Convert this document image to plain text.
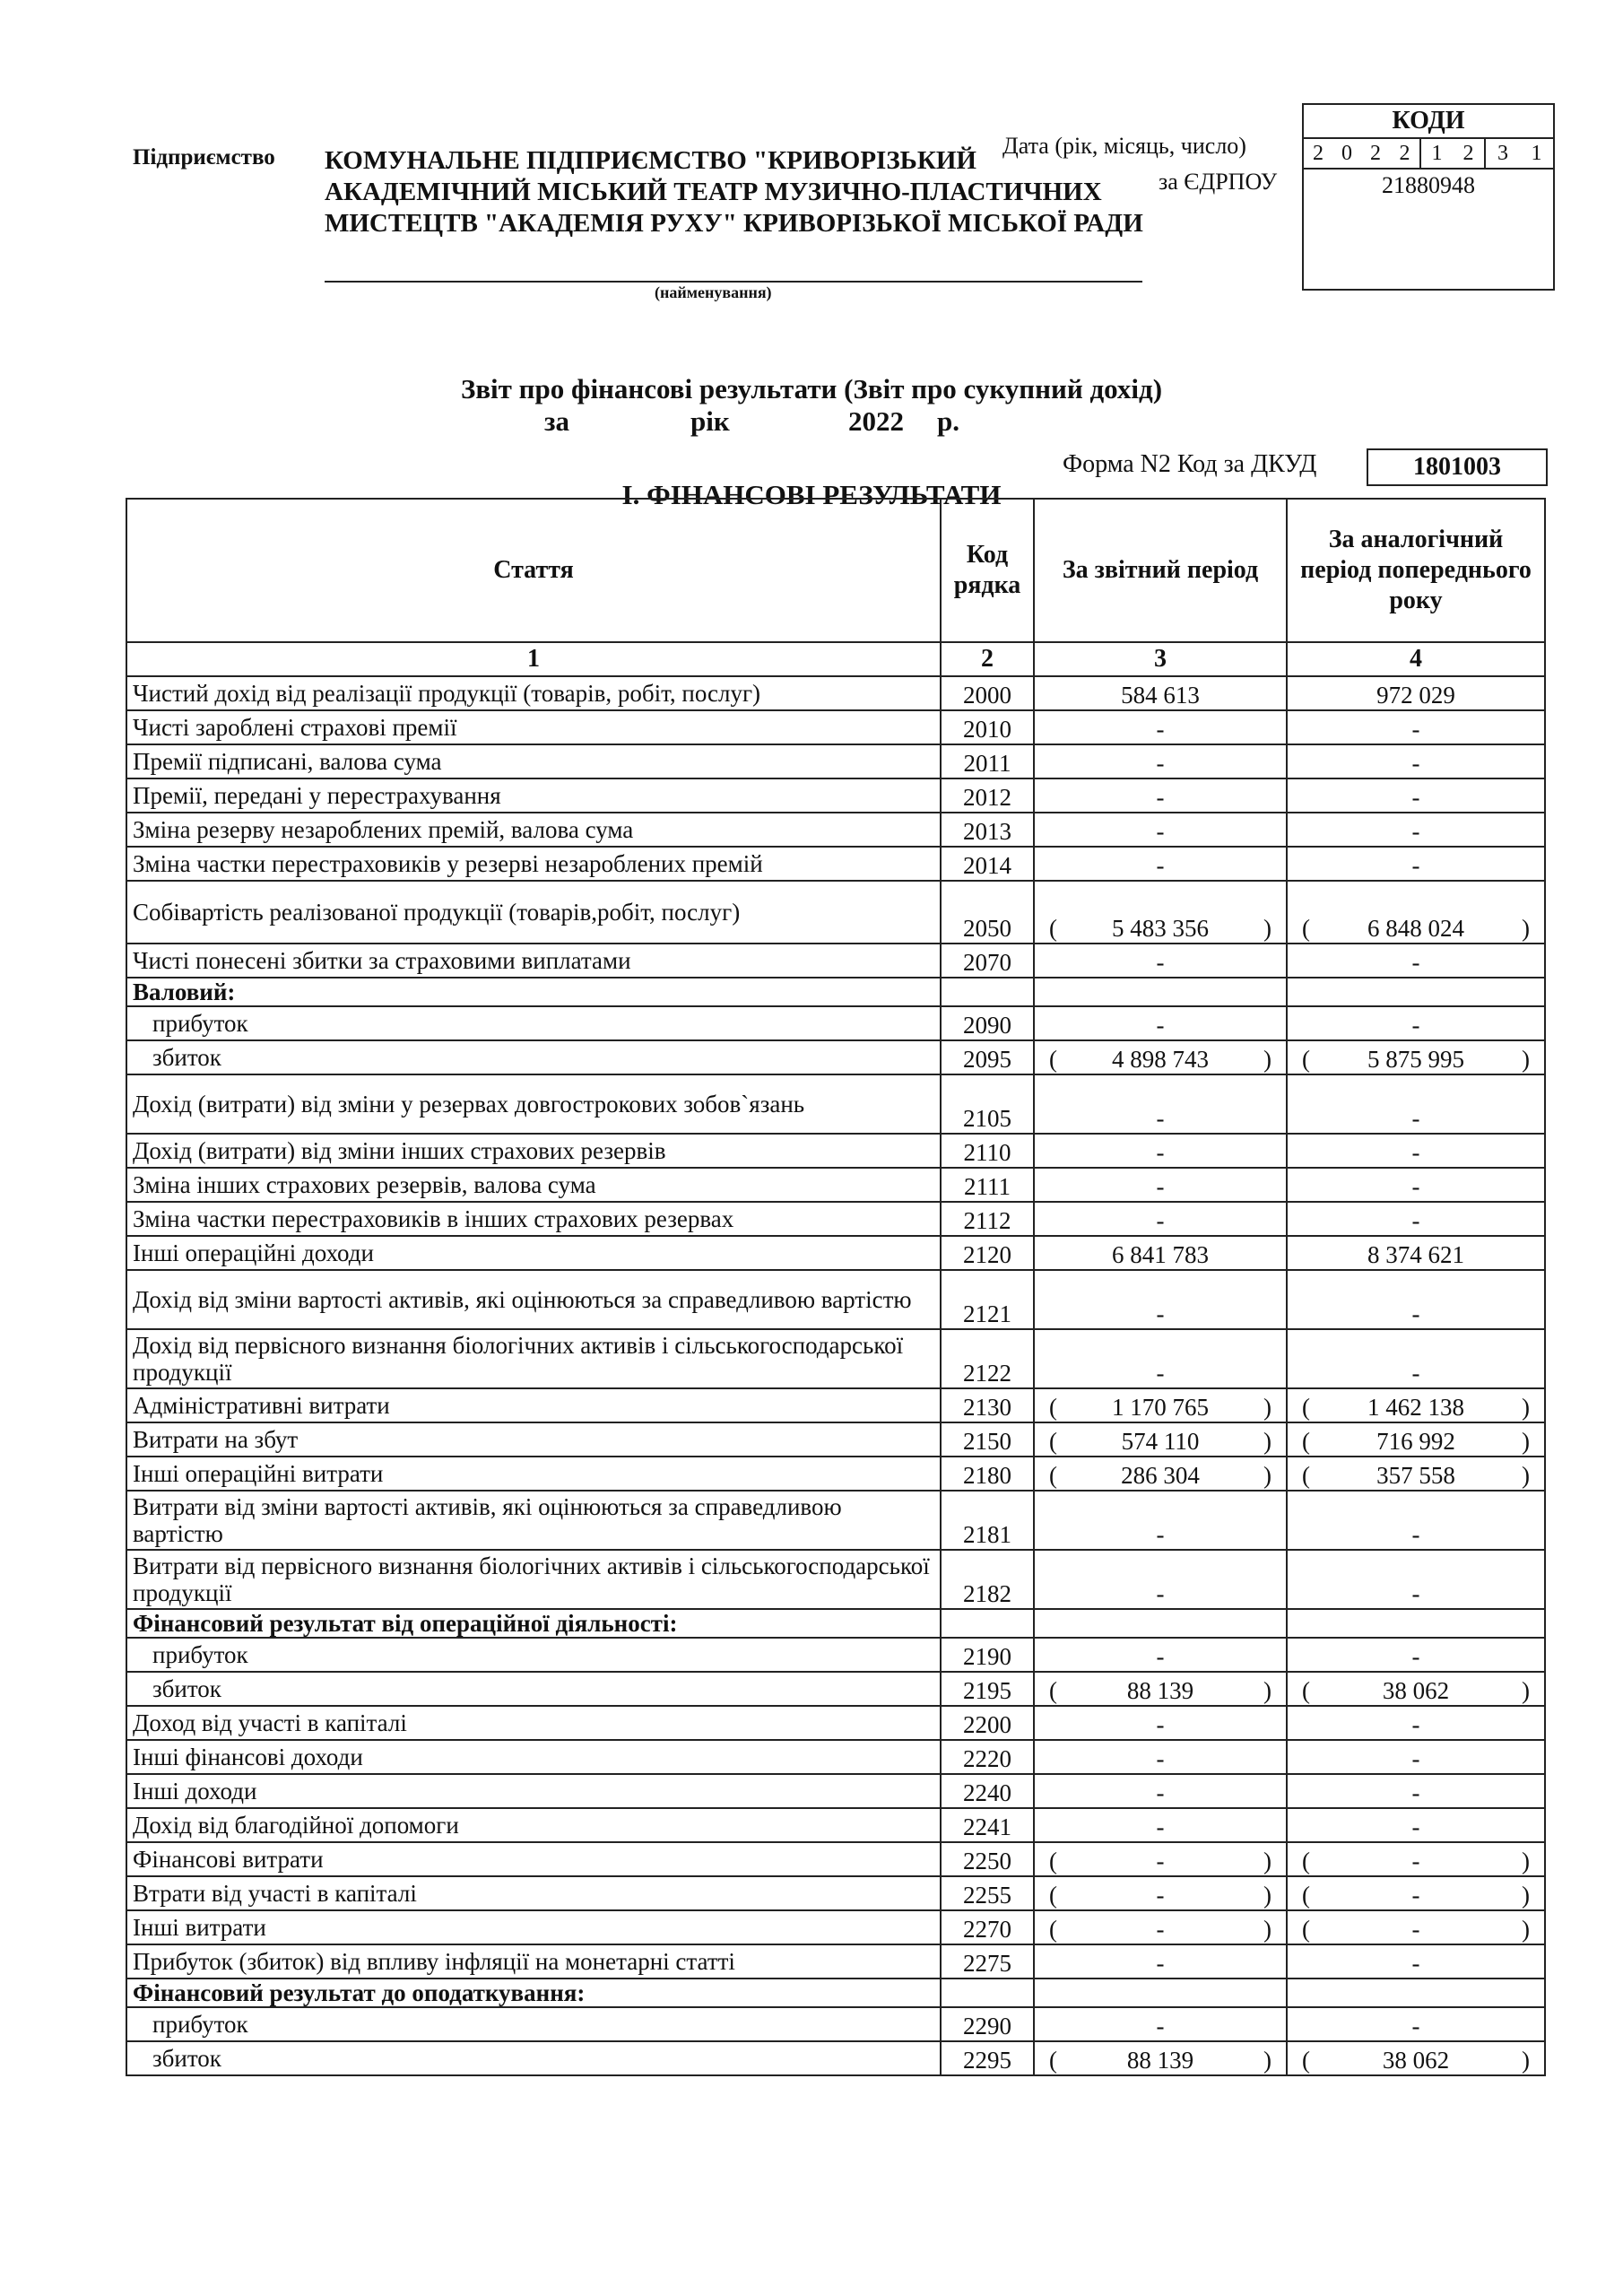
Підприємство КОМУНАЛЬНЕ ПІДПРИЄМСТВО "КРИВОРІЗЬКИЙ АКАДЕМІЧНИЙ МІСЬКИЙ ТЕАТР МУЗИЧНО-ПЛАСТИЧНИХ МИСТЕЦТВ "АКАДЕМІЯ РУХУ" КРИВОРІЗЬКОЇ МІСЬКОЇ РАДИ
(найменування)
Дата (рік, місяць, число)
за ЄДРПОУ
КОДИ
2 0 2 2	1 2	3	1
21880948
Звіт про фінансові результати (Звіт про сукупний дохід)
за	рік	2022 р.
Форма N2 Код за ДКУД	1801003
І. ФІНАНСОВІ РЕЗУЛЬТАТИ
Стаття	Код рядка	За звітний період	За аналогічний період попереднього року
1	2	3	4
Чистий дохід від реалізації продукції (товарів, робіт, послуг)	2000	584 613	972 029
Чисті зароблені страхові премії	2010	-	-
Премії підписані, валова сума	2011	-	-
Премії, передані у перестрахування	2012	-	-
Зміна резерву незароблених премій, валова сума	2013	-	-
Зміна частки перестраховиків у резерві незароблених премій	2014	-	-
Собівартість реалізованої продукції (товарів,робіт, послуг)	2050	( 5 483 356 )	( 6 848 024 )

Чисті понесені збитки за страховими виплатами	2070	-	-
Валовий:			
прибуток	2090	-	-
збиток	2095	( 4 898 743 )	( 5 875 995 )

Дохід (витрати) від зміни у резервах довгострокових зобов`язань	2105	-	-
Дохід (витрати) від зміни інших страхових резервів	2110	-	-
Зміна інших страхових резервів, валова сума	2111	-	-
Зміна частки перестраховиків в інших страхових резервах	2112	-	-
Інші операційні доходи	2120	6 841 783	8 374 621
Дохід від зміни вартості активів, які оцінюються за справедливою вартістю	2121	-	-
Дохід від первісного визнання біологічних активів і сільськогосподарської продукції	2122	-	-
Адміністративні витрати	2130	( 1 170 765 )	( 1 462 138 )

Витрати на збут	2150	( 574 110 )	( 716 992 )

Інші операційні витрати	2180	( 286 304 )	( 357 558 )

Витрати від зміни вартості активів, які оцінюються за справедливою вартістю	2181	-	-
Витрати від первісного визнання біологічних активів і сільськогосподарської продукції	2182	-	-
Фінансовий результат від операційної діяльності:			
прибуток	2190	-	-
збиток	2195	( 88 139 )	( 38 062 )

Доход від участі в капіталі	2200	-	-
Інші фінансові доходи	2220	-	-
Інші доходи	2240	-	-
Дохід від благодійної допомоги	2241	-	-
Фінансові витрати	2250	( - )	( - )

Втрати від участі в капіталі	2255	( - )	( - )

Інші витрати	2270	( - )	( - )

Прибуток (збиток) від впливу інфляції на монетарні статті	2275	-	-
Фінансовий результат до оподаткування:			
прибуток	2290	-	-
збиток	2295	( 88 139 )	( 38 062 )
